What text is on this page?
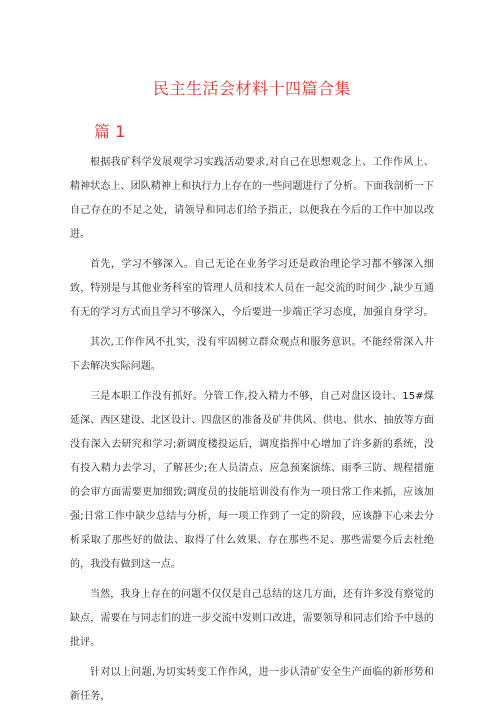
民主生活会材料十四篇合集
篇 1

根据我矿科学发展观学习实践活动要求,对自己在思想观念上、工作作风上、精神状态上、团队精神上和执行力上存在的一些问题进行了分析。下面我剖析一下自己存在的不足之处，请领导和同志们给予指正，以便我在今后的工作中加以改进。

首先，学习不够深入。自己无论在业务学习还是政治理论学习都不够深入细致，特别是与其他业务科室的管理人员和技术人员在一起交流的时间少 ,缺少互通有无的学习方式而且学习不够深入，今后要进一步端正学习态度，加强自身学习。

其次,工作作风不扎实，没有牢固树立群众观点和服务意识。不能经常深入井下去解决实际问题。

三是本职工作没有抓好。分管工作,投入精力不够，自己对盘区设计、15#煤延深、西区建设、北区设计、四盘区的准备及矿井供风、供电、供水、抽放等方面没有深入去研究和学习;新调度楼投运后，调度指挥中心增加了许多新的系统，没有投入精力去学习，了解甚少;在人员清点、应急预案演练、雨季三防、规程措施的会审方面需要更加细致;调度员的技能培训没有作为一项日常工作来抓，应该加强;日常工作中缺少总结与分析，每一项工作到了一定的阶段，应该静下心来去分析采取了那些好的做法、取得了什么效果、存在那些不足、那些需要今后去杜绝的，我没有做到这一点。

当然，我身上存在的问题不仅仅是自己总结的这几方面，还有许多没有察觉的缺点，需要在与同志们的进一步交流中发则口改进，需要领导和同志们给予中恳的批评。

针对以上问题,为切实转变工作作风，进一步认清矿安全生产面临的新形势和新任务，
